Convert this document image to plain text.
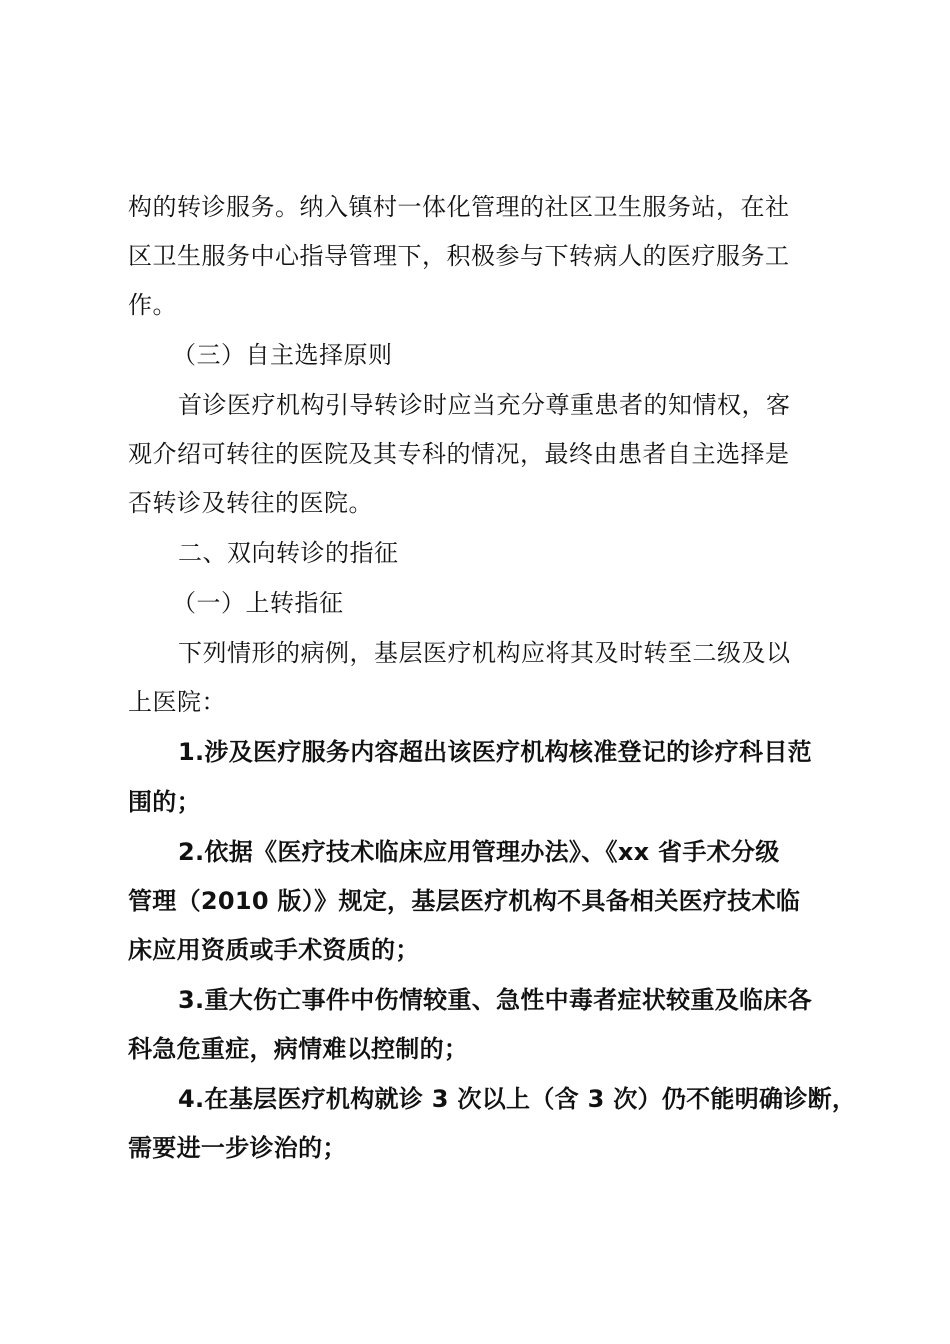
构的转诊服务。纳入镇村一体化管理的社区卫生服务站，在社
区卫生服务中心指导管理下，积极参与下转病人的医疗服务工
作。
（三）自主选择原则
首诊医疗机构引导转诊时应当充分尊重患者的知情权，客
观介绍可转往的医院及其专科的情况，最终由患者自主选择是
否转诊及转往的医院。
二、双向转诊的指征
（一）上转指征
下列情形的病例，基层医疗机构应将其及时转至二级及以
上医院：
1.涉及医疗服务内容超出该医疗机构核准登记的诊疗科目范
围的；
2.依据《医疗技术临床应用管理办法》、《xx 省手术分级
管理（2010 版）》规定，基层医疗机构不具备相关医疗技术临
床应用资质或手术资质的；
3.重大伤亡事件中伤情较重、急性中毒者症状较重及临床各
科急危重症，病情难以控制的；
4.在基层医疗机构就诊 3 次以上（含 3 次）仍不能明确诊断，
需要进一步诊治的；
